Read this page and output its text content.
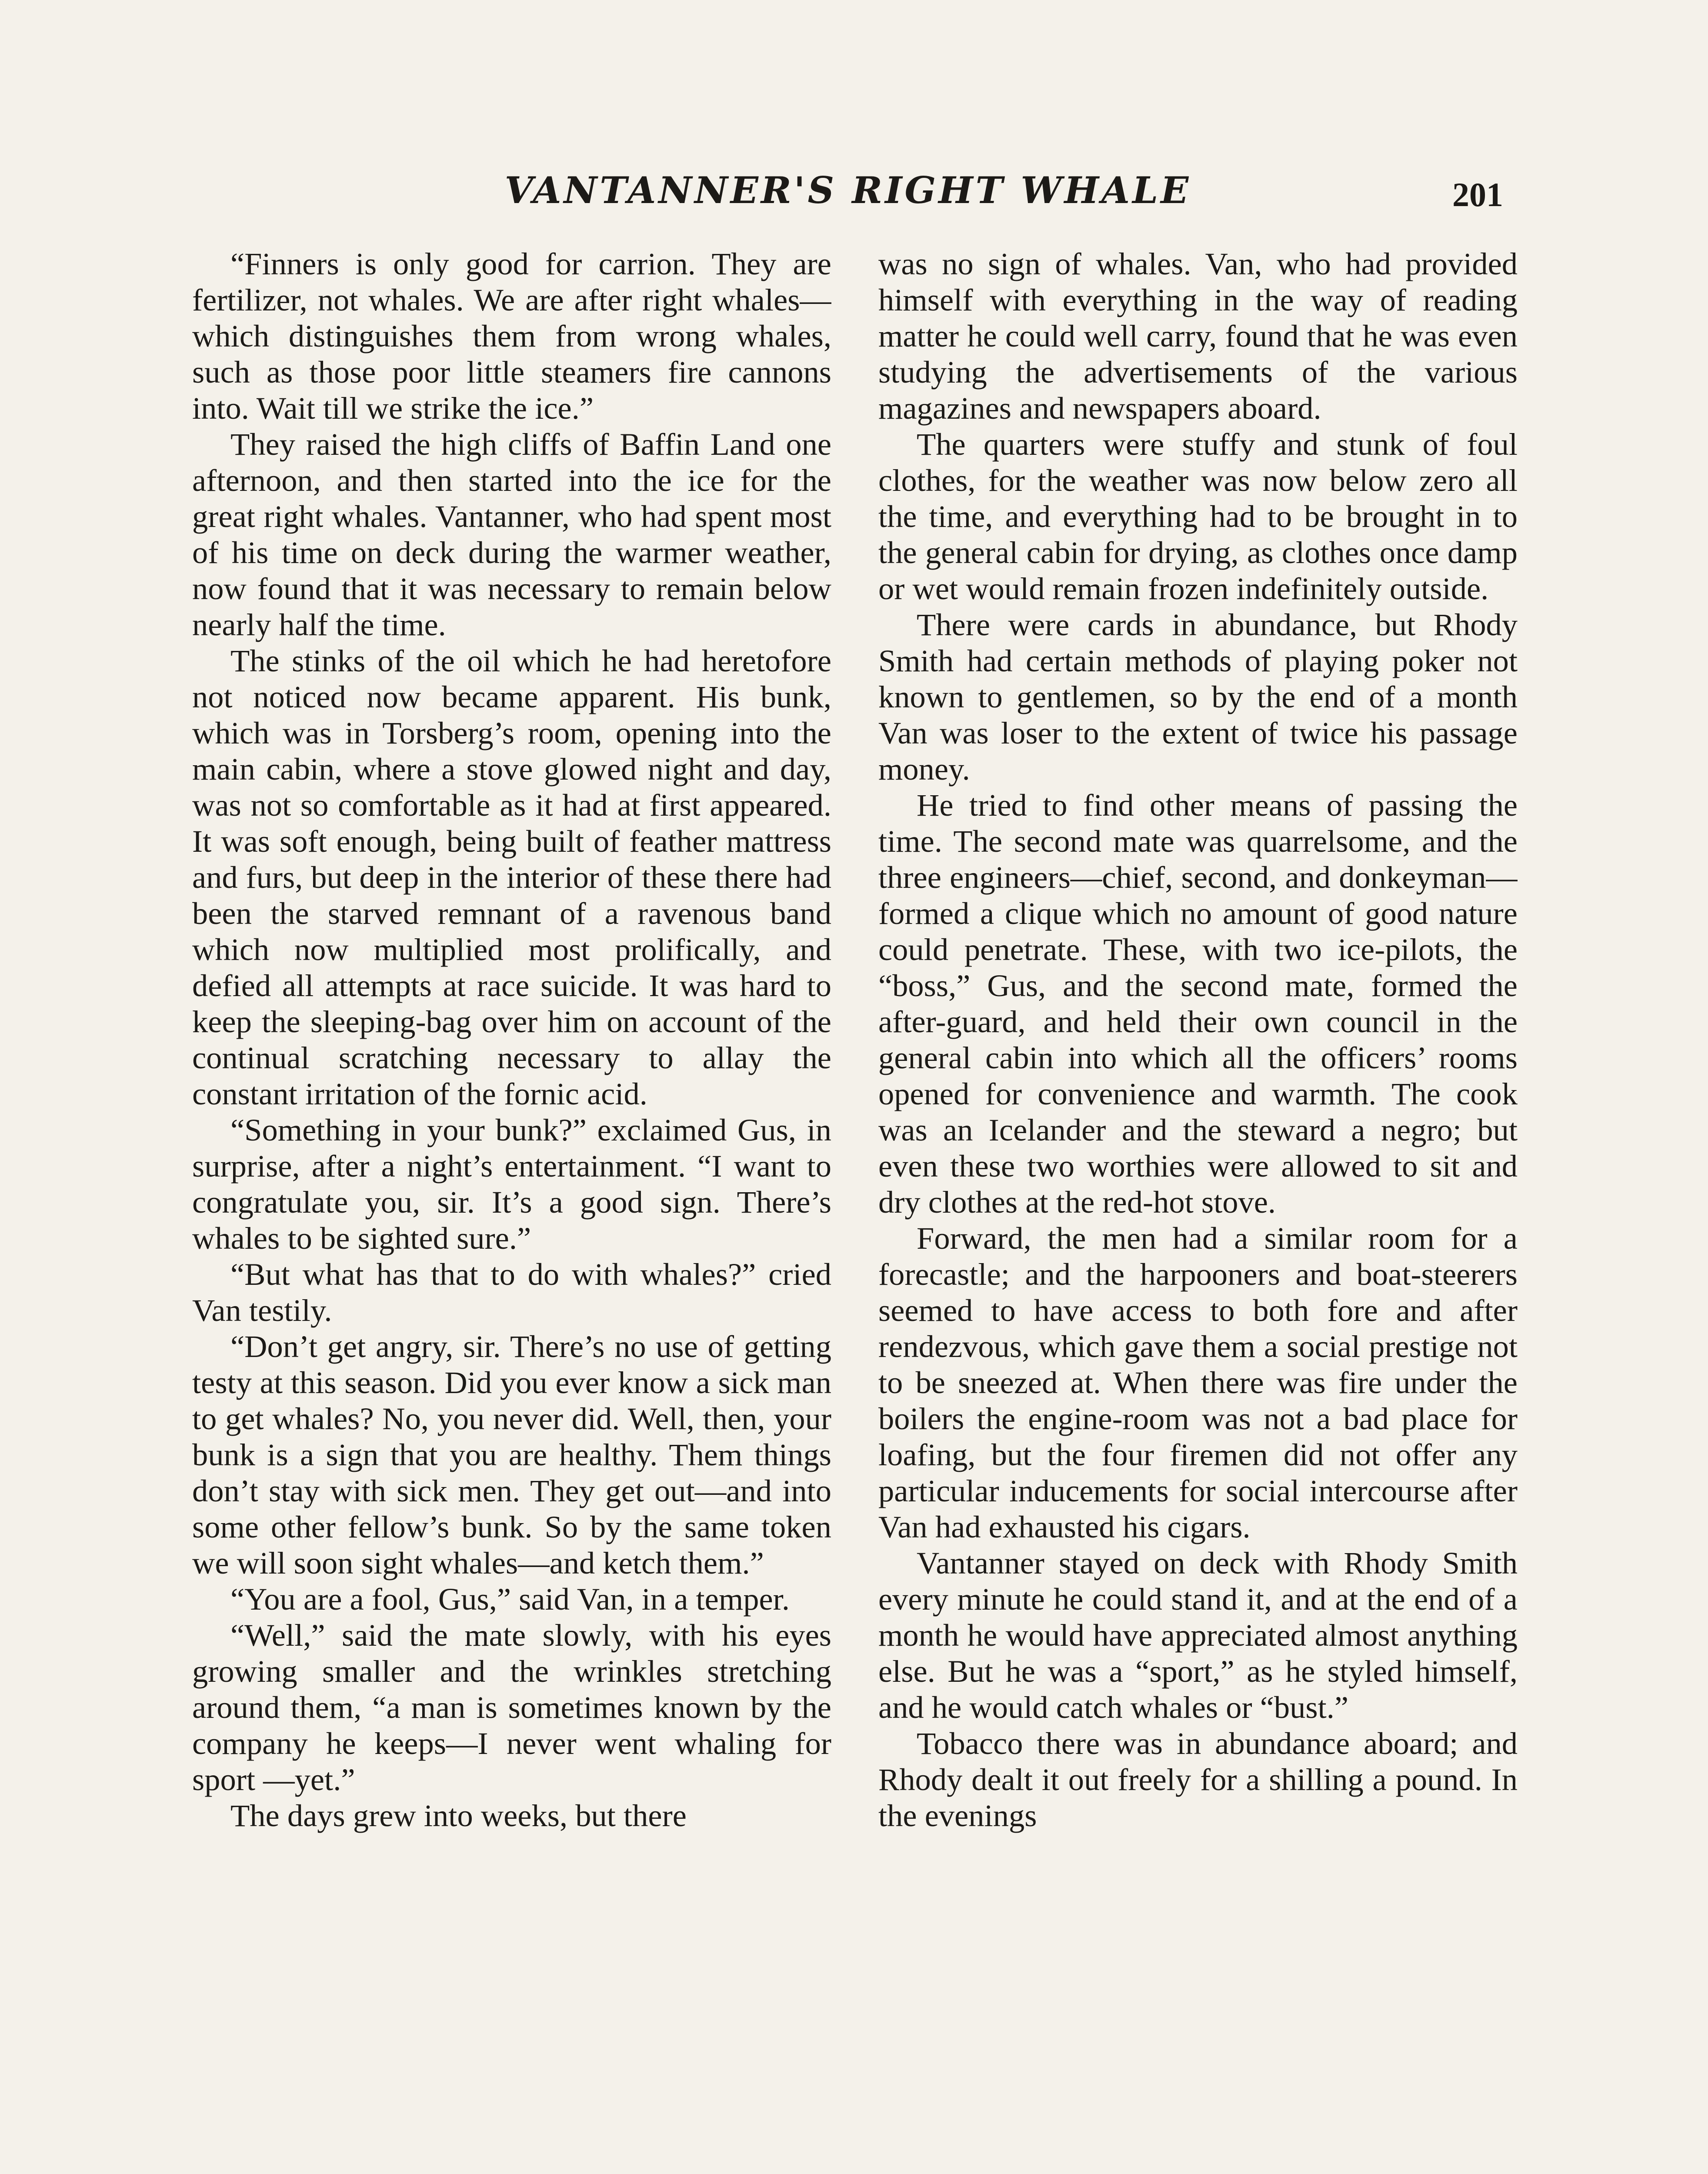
VANTANNER'S RIGHT WHALE	201

“Finners is only good for carrion. They are fertilizer, not whales. We are after right whales—which distinguishes them from wrong whales, such as those poor little steamers fire cannons into. Wait till we strike the ice.”

They raised the high cliffs of Baffin Land one afternoon, and then started into the ice for the great right whales. Vantanner, who had spent most of his time on deck during the warmer weather, now found that it was necessary to remain below nearly half the time.

The stinks of the oil which he had heretofore not noticed now became apparent. His bunk, which was in Torsberg’s room, opening into the main cabin, where a stove glowed night and day, was not so comfortable as it had at first appeared. It was soft enough, being built of feather mattress and furs, but deep in the interior of these there had been the starved remnant of a ravenous band which now multiplied most prolifically, and defied all attempts at race suicide. It was hard to keep the sleeping-bag over him on account of the continual scratching necessary to allay the constant irritation of the fornic acid.

“Something in your bunk?” exclaimed Gus, in surprise, after a night’s entertainment. “I want to congratulate you, sir. It’s a good sign. There’s whales to be sighted sure.”

“But what has that to do with whales?” cried Van testily.

“Don’t get angry, sir. There’s no use of getting testy at this season. Did you ever know a sick man to get whales? No, you never did. Well, then, your bunk is a sign that you are healthy. Them things don’t stay with sick men. They get out—and into some other fellow’s bunk. So by the same token we will soon sight whales—and ketch them.”

“You are a fool, Gus,” said Van, in a temper.

“Well,” said the mate slowly, with his eyes growing smaller and the wrinkles stretching around them, “a man is sometimes known by the company he keeps—I never went whaling for sport —yet.”

The days grew into weeks, but there

was no sign of whales. Van, who had provided himself with everything in the way of reading matter he could well carry, found that he was even studying the advertisements of the various magazines and newspapers aboard.

The quarters were stuffy and stunk of foul clothes, for the weather was now below zero all the time, and everything had to be brought in to the general cabin for drying, as clothes once damp or wet would remain frozen indefinitely outside.

There were cards in abundance, but Rhody Smith had certain methods of playing poker not known to gentlemen, so by the end of a month Van was loser to the extent of twice his passage money.

He tried to find other means of passing the time. The second mate was quarrelsome, and the three engineers—chief, second, and donkeyman—formed a clique which no amount of good nature could penetrate. These, with two ice-pilots, the “boss,” Gus, and the second mate, formed the after-guard, and held their own council in the general cabin into which all the officers’ rooms opened for convenience and warmth. The cook was an Icelander and the steward a negro; but even these two worthies were allowed to sit and dry clothes at the red-hot stove.

Forward, the men had a similar room for a forecastle; and the harpooners and boat-steerers seemed to have access to both fore and after rendezvous, which gave them a social prestige not to be sneezed at. When there was fire under the boilers the engine-room was not a bad place for loafing, but the four firemen did not offer any particular inducements for social intercourse after Van had exhausted his cigars.

Vantanner stayed on deck with Rhody Smith every minute he could stand it, and at the end of a month he would have appreciated almost anything else. But he was a “sport,” as he styled himself, and he would catch whales or “bust.”

Tobacco there was in abundance aboard; and Rhody dealt it out freely for a shilling a pound. In the evenings
